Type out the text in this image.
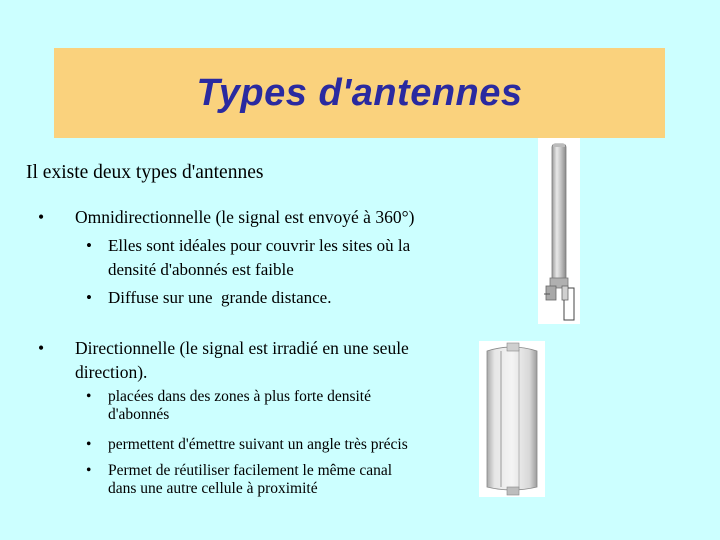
Types d'antennes
Il existe deux types d'antennes
• Omnidirectionnelle (le signal est envoyé à 360°)
• Elles sont idéales pour couvrir les sites où la
densité d'abonnés est faible
• Diffuse sur une  grande distance.
• Directionnelle (le signal est irradié en une seule
direction).
• placées dans des zones à plus forte densité
d'abonnés
• permettent d'émettre suivant un angle très précis
• Permet de réutiliser facilement le même canal
dans une autre cellule à proximité
